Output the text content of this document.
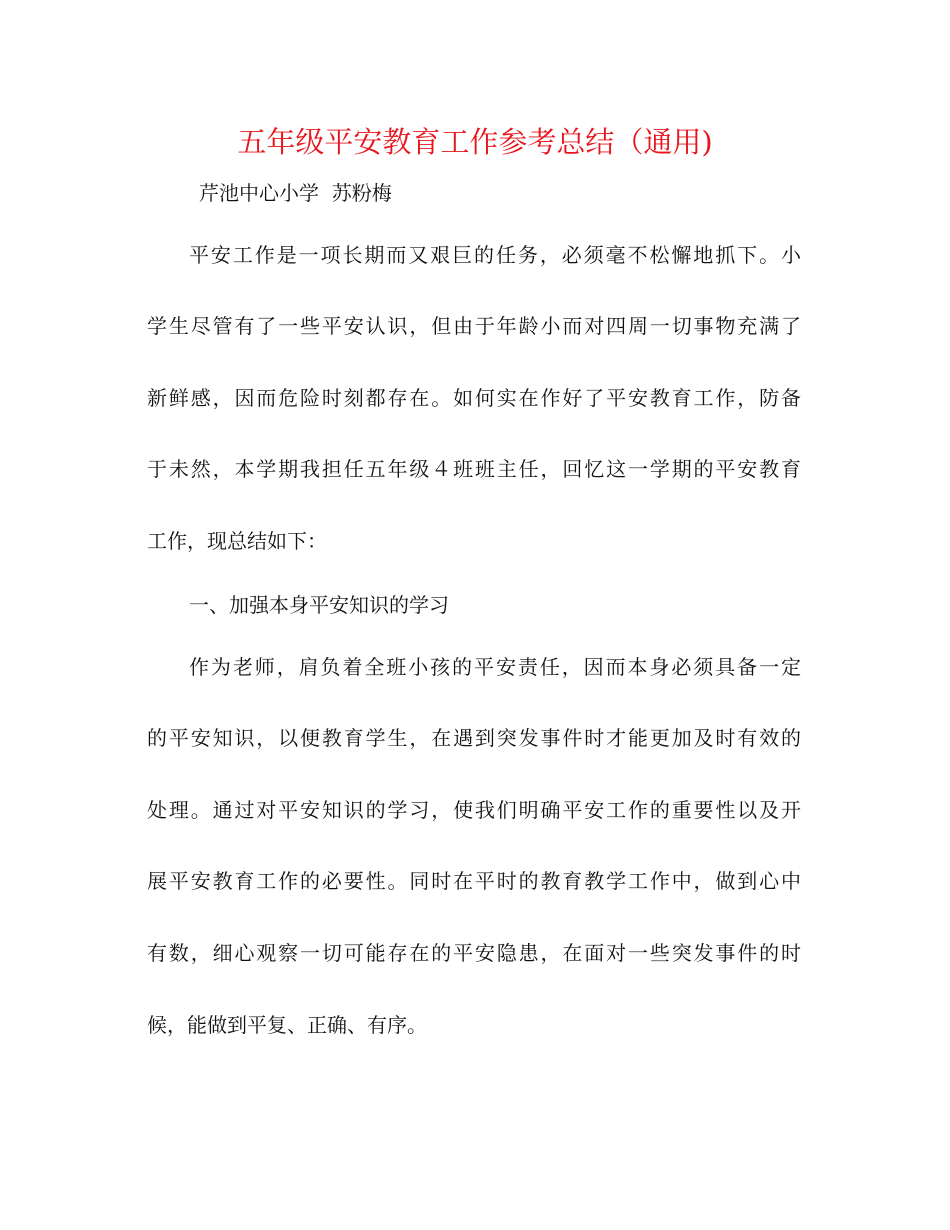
五年级平安教育工作参考总结（通用)

芹池中心小学  苏粉梅

平安工作是一项长期而又艰巨的任务，必须毫不松懈地抓下。小

学生尽管有了一些平安认识，但由于年龄小而对四周一切事物充满了

新鲜感，因而危险时刻都存在。如何实在作好了平安教育工作，防备

于未然，本学期我担任五年级４班班主任，回忆这一学期的平安教育

工作，现总结如下：

一、加强本身平安知识的学习

作为老师，肩负着全班小孩的平安责任，因而本身必须具备一定

的平安知识，以便教育学生，在遇到突发事件时才能更加及时有效的

处理。通过对平安知识的学习，使我们明确平安工作的重要性以及开

展平安教育工作的必要性。同时在平时的教育教学工作中，做到心中

有数，细心观察一切可能存在的平安隐患，在面对一些突发事件的时

候，能做到平复、正确、有序。
